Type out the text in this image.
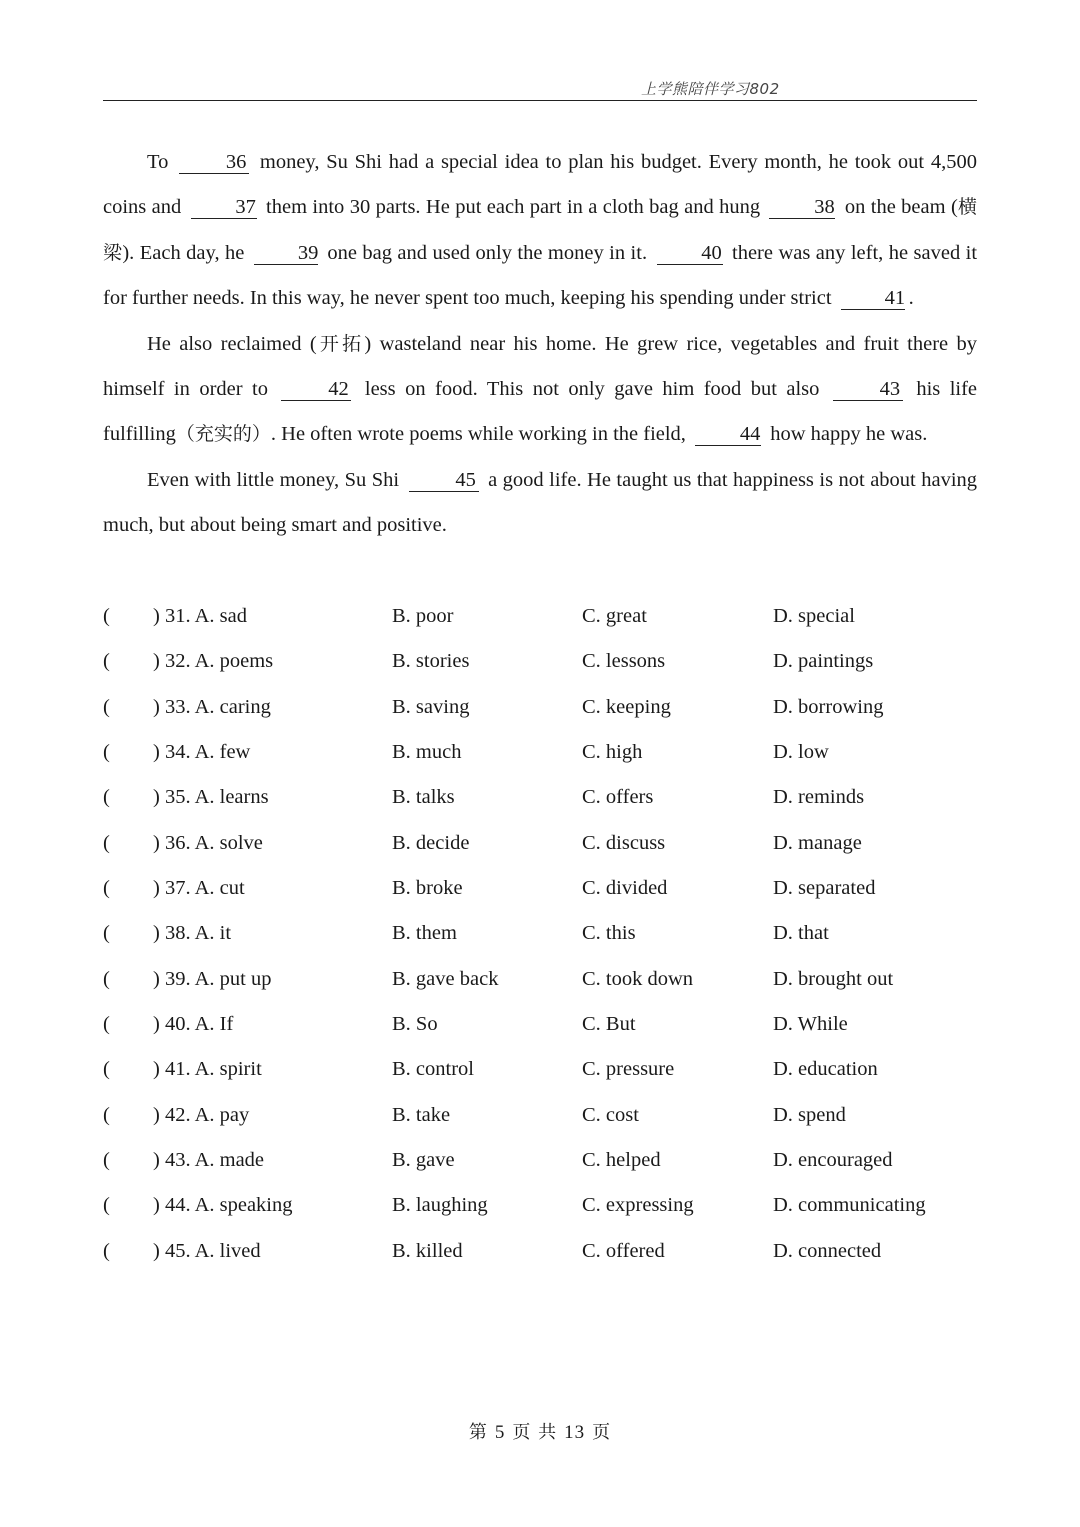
上学熊陪伴学习802

To	36 money, Su Shi had a special idea to plan his budget. Every month, he took out 4,500 coins and	37 them into 30 parts. He put each part in a cloth bag and hung	38 on the beam (横梁). Each day, he	39 one bag and used only the money in it.	40 there was any left, he saved it for further needs. In this way, he never spent too much, keeping his spending under strict	41 .

He also reclaimed (开拓) wasteland near his home. He grew rice, vegetables and fruit there by himself in order to	42 less on food. This not only gave him food but also	43 his life fulfilling（充实的）. He often wrote poems while working in the field,	44 how happy he was.

Even with little money, Su Shi	45 a good life. He taught us that happiness is not about having much, but about being smart and positive.

( ) 31. A. sad	B. poor	C. great	D. special
( ) 32. A. poems	B. stories	C. lessons	D. paintings
( ) 33. A. caring	B. saving	C. keeping	D. borrowing
( ) 34. A. few	B. much	C. high	D. low
( ) 35. A. learns	B. talks	C. offers	D. reminds
( ) 36. A. solve	B. decide	C. discuss	D. manage
( ) 37. A. cut	B. broke	C. divided	D. separated
( ) 38. A. it	B. them	C. this	D. that
( ) 39. A. put up	B. gave back	C. took down	D. brought out
( ) 40. A. If	B. So	C. But	D. While
( ) 41. A. spirit	B. control	C. pressure	D. education
( ) 42. A. pay	B. take	C. cost	D. spend
( ) 43. A. made	B. gave	C. helped	D. encouraged
( ) 44. A. speaking	B. laughing	C. expressing	D. communicating
( ) 45. A. lived	B. killed	C. offered	D. connected
第 5 页 共 13 页
